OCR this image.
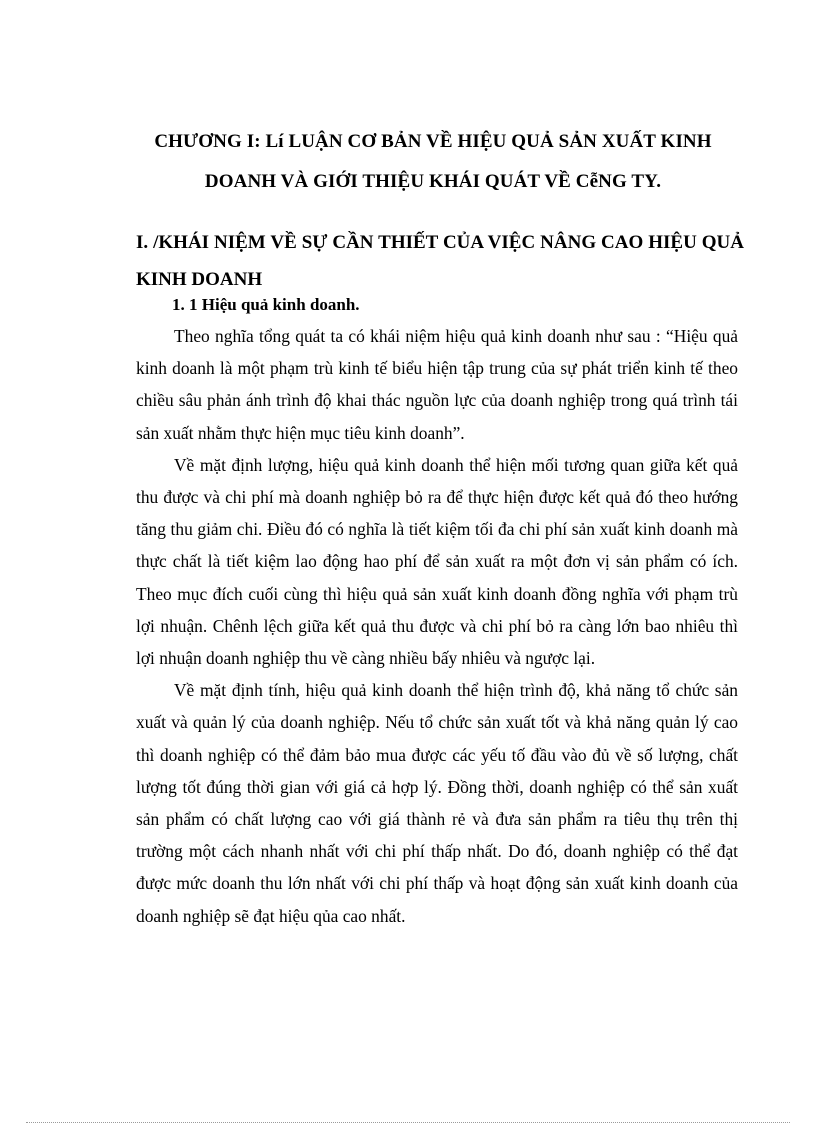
CHƯƠNG I: Lí LUẬN CƠ BẢN VỀ HIỆU QUẢ SẢN XUẤT KINH DOANH VÀ GIỚI THIỆU KHÁI QUÁT VỀ CễNG TY.
I. /KHÁI NIỆM VỀ SỰ CẦN THIẾT CỦA VIỆC NÂNG CAO HIỆU QUẢ KINH DOANH
1. 1 Hiệu quả kinh doanh.

Theo nghĩa tổng quát ta có khái niệm hiệu quả kinh doanh như sau : “Hiệu quả kinh doanh là một phạm trù kinh tế biểu hiện tập trung của sự phát triển kinh tế theo chiều sâu phản ánh trình độ khai thác nguồn lực của doanh nghiệp trong quá trình tái sản xuất nhằm thực hiện mục tiêu kinh doanh”.

Về mặt định lượng, hiệu quả kinh doanh thể hiện mối tương quan giữa kết quả thu được và chi phí mà doanh nghiệp bỏ ra để thực hiện được kết quả đó theo hướng tăng thu giảm chi. Điều đó có nghĩa là tiết kiệm tối đa chi phí sản xuất kinh doanh mà thực chất là tiết kiệm lao động hao phí để sản xuất ra một đơn vị sản phẩm có ích. Theo mục đích cuối cùng thì hiệu quả sản xuất kinh doanh đồng nghĩa với phạm trù lợi nhuận. Chênh lệch giữa kết quả thu được và chi phí bỏ ra càng lớn bao nhiêu thì lợi nhuận doanh nghiệp thu về càng nhiều bấy nhiêu và ngược lại.

Về mặt định tính, hiệu quả kinh doanh thể hiện trình độ, khả năng tổ chức sản xuất và quản lý của doanh nghiệp. Nếu tổ chức sản xuất tốt và khả năng quản lý cao thì doanh nghiệp có thể đảm bảo mua được các yếu tố đầu vào đủ về số lượng, chất lượng tốt đúng thời gian với giá cả hợp lý. Đồng thời, doanh nghiệp có thể sản xuất sản phẩm có chất lượng cao với giá thành rẻ và đưa sản phẩm ra tiêu thụ trên thị trường một cách nhanh nhất với chi phí thấp nhất. Do đó, doanh nghiệp có thể đạt được mức doanh thu lớn nhất với chi phí thấp và hoạt động sản xuất kinh doanh của doanh nghiệp sẽ đạt hiệu qủa cao nhất.
